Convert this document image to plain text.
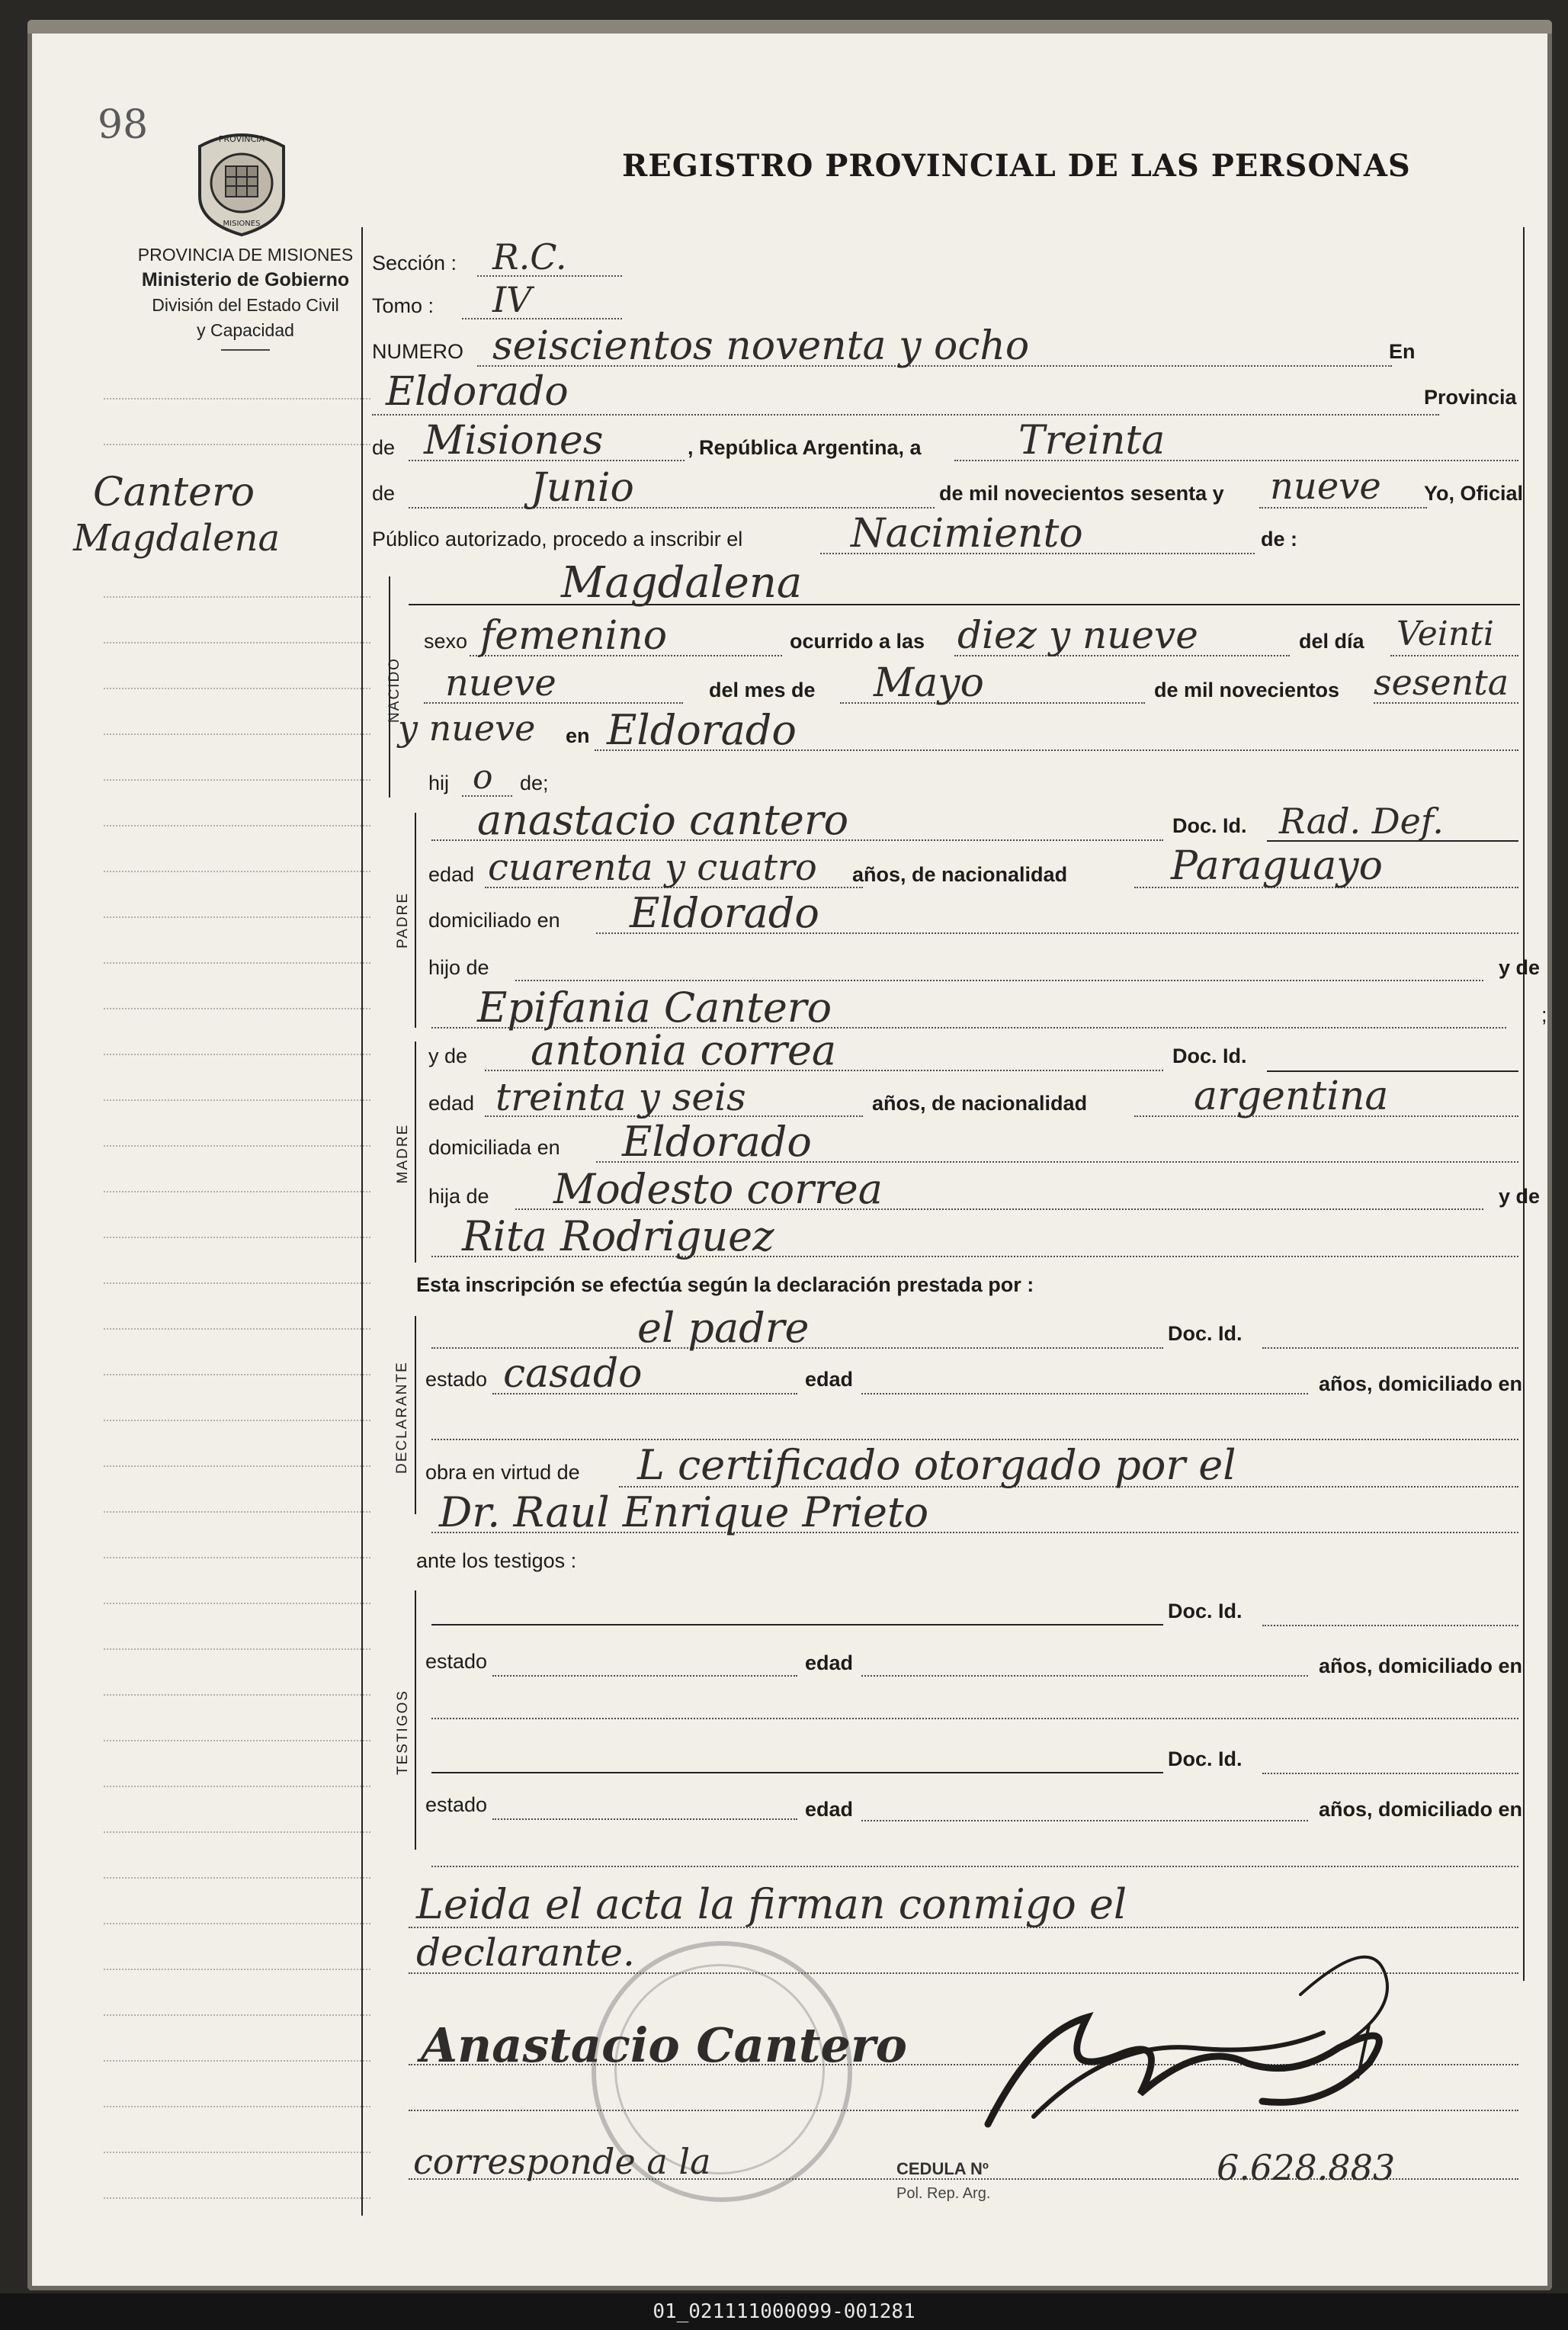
98	PROVINCIA
MISIONES
REGISTRO PROVINCIAL DE LAS PERSONAS
PROVINCIA DE MISIONES
Ministerio de Gobierno
División del Estado Civil
y Capacidad
Cantero
Magdalena
Sección : R.C.
Tomo : IV
NUMERO seiscientos noventa y ocho	En
Eldorado	Provincia
de Misiones	, República Argentina, a Treinta
de	Junio	de mil novecientos sesenta y nueve Yo, Oficial
Público autorizado, procedo a inscribir el	Nacimiento	de :
NACIDO
Magdalena
sexo femenino	ocurrido a las diez y nueve	del día Veinti
nueve	del mes de Mayo	de mil novecientos sesenta
y nueve en Eldorado
hij o de;
PADRE
anastacio cantero	Doc. Id. Rad. Def.
edad cuarenta y cuatro años, de nacionalidad	Paraguayo
domiciliado en Eldorado
hijo de	y de
Epifania Cantero	;
MADRE
y de antonia correa	Doc. Id.
edad treinta y seis	años, de nacionalidad	argentina
domiciliada en Eldorado
hija de Modesto correa	y de
Rita Rodriguez
Esta inscripción se efectúa según la declaración prestada por :
DECLARANTE
el padre	Doc. Id.
estado casado	edad	años, domiciliado en
obra en virtud de L certificado otorgado por el
Dr. Raul Enrique Prieto
ante los testigos :
TESTIGOS
Doc. Id.
estado	edad	años, domiciliado en
Doc. Id.
estado	edad	años, domiciliado en
Leida el acta la firman conmigo el
declarante.
Anastacio Cantero
corresponde a la	CEDULA Nº
Pol. Rep. Arg.
6.628.883
01_021111000099-001281
